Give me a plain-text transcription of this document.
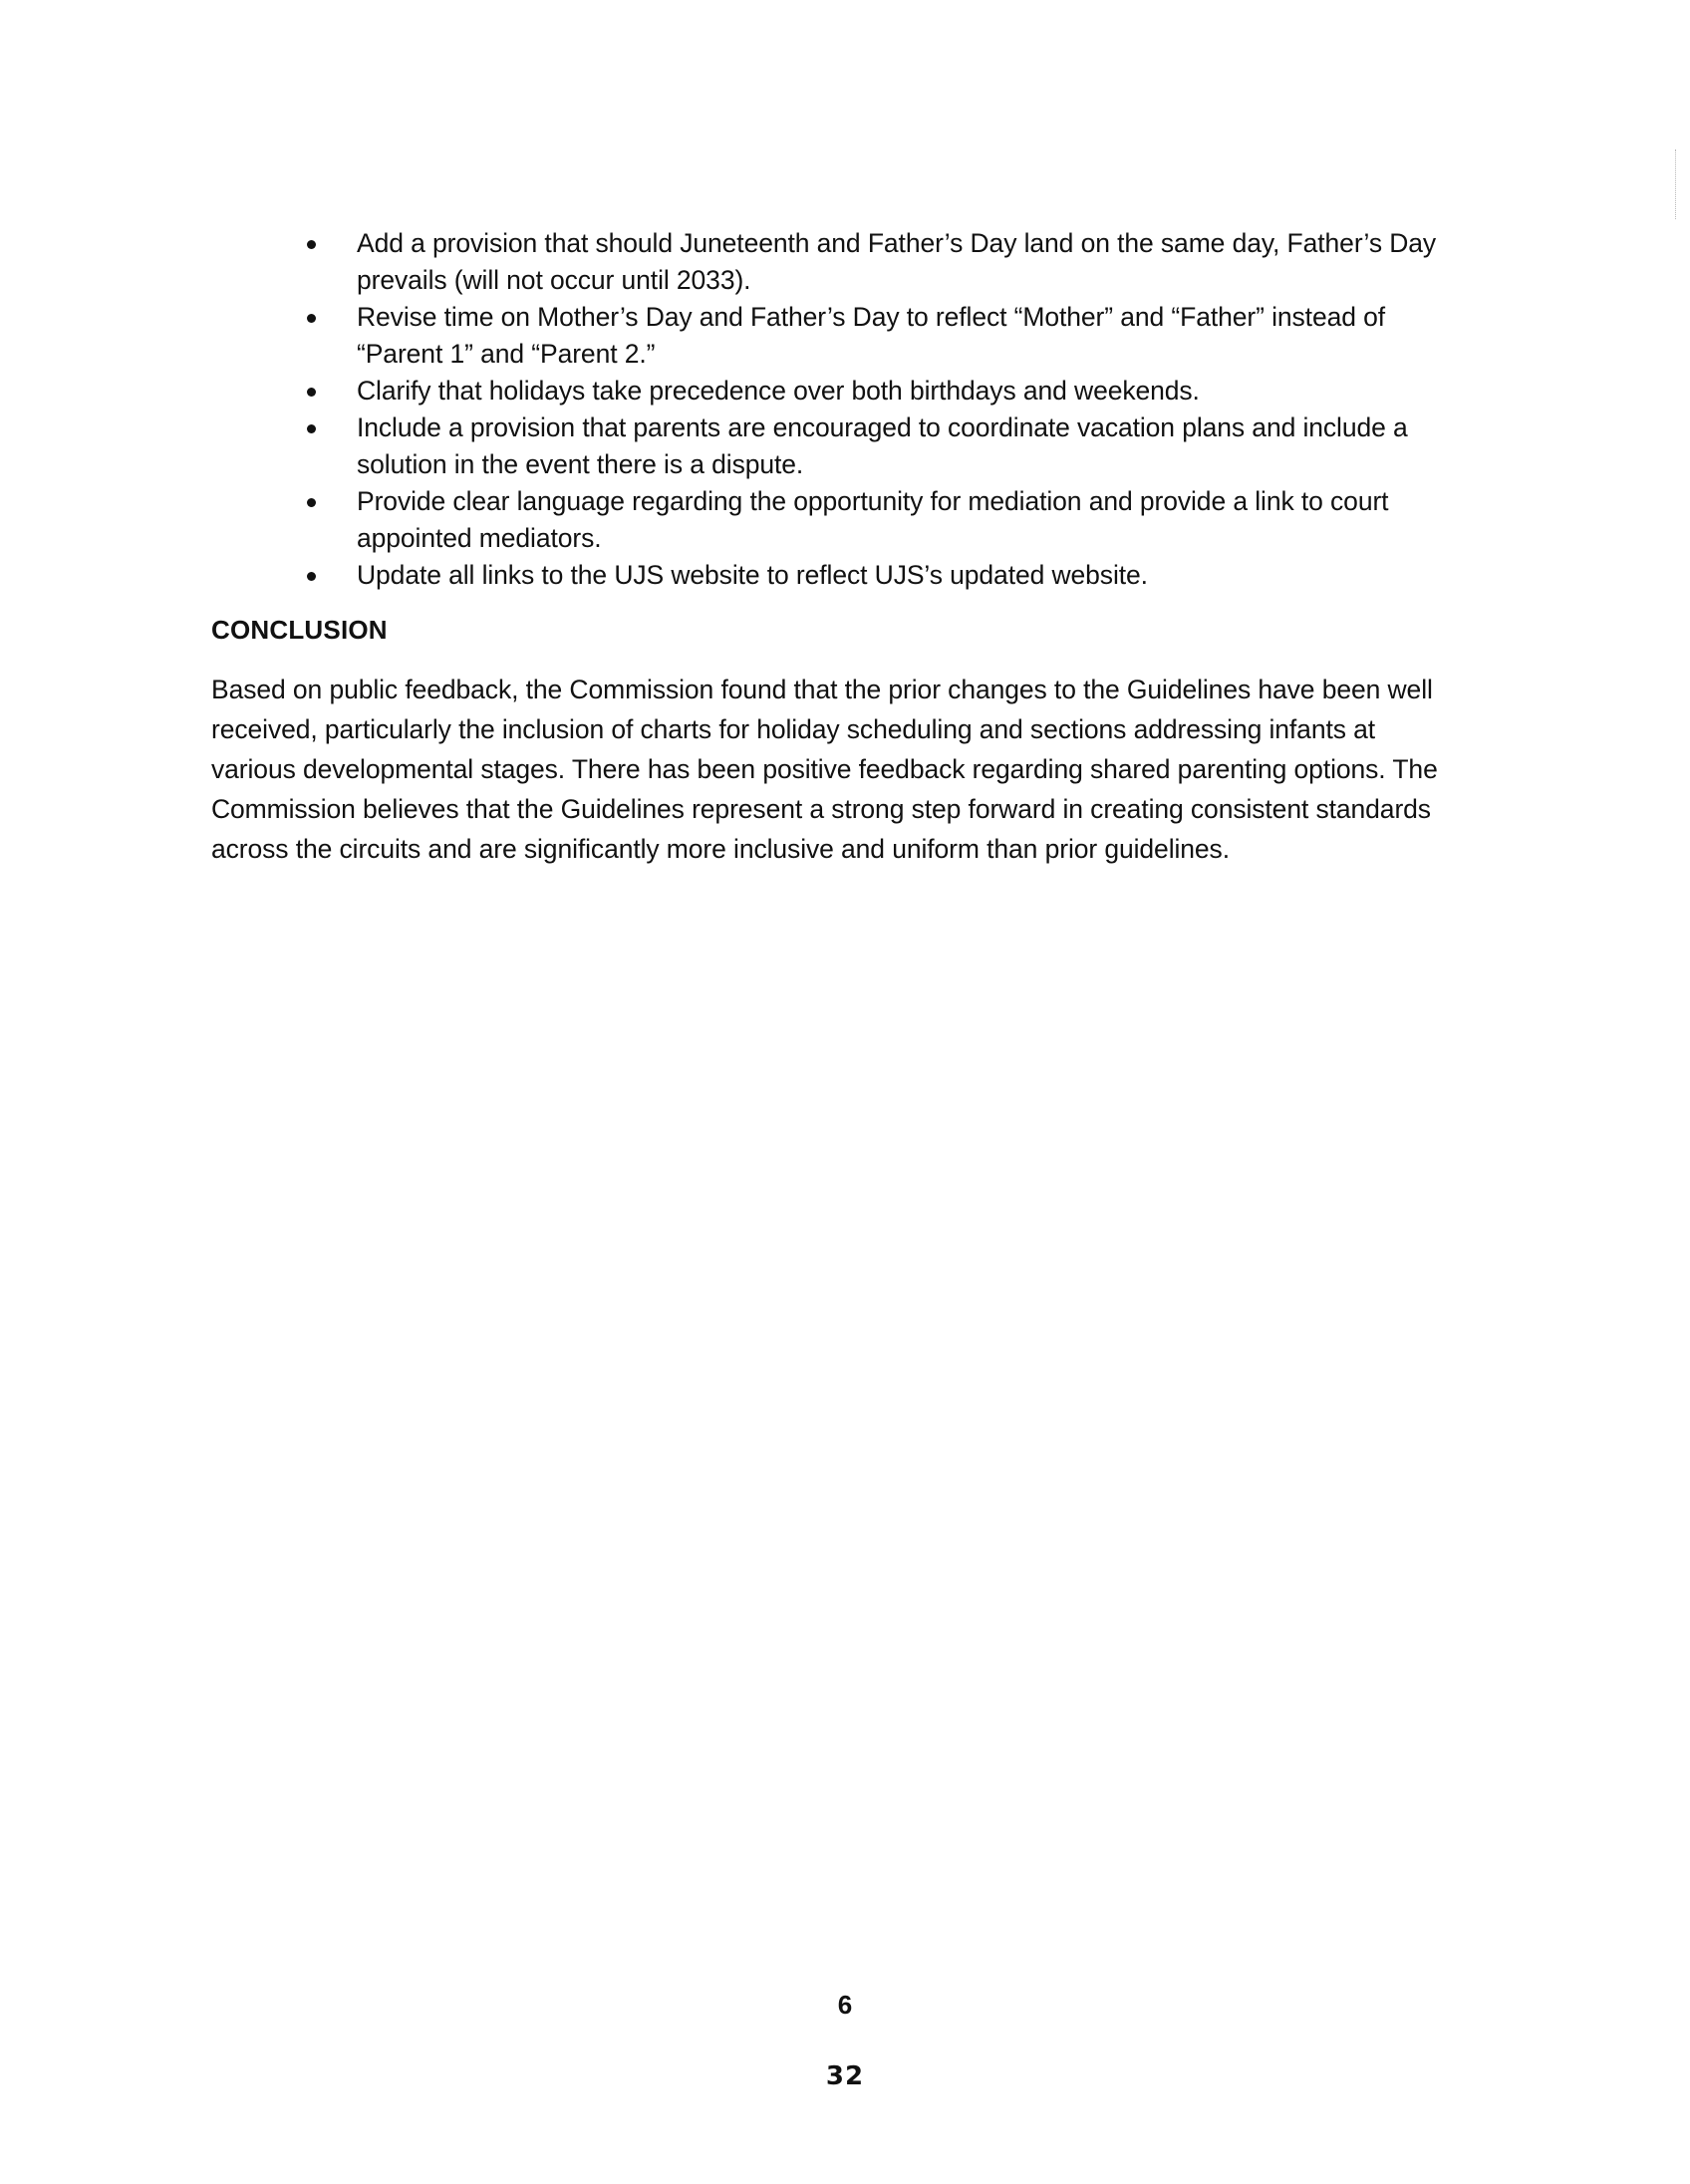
Add a provision that should Juneteenth and Father’s Day land on the same day, Father’s Day prevails (will not occur until 2033).
Revise time on Mother’s Day and Father’s Day to reflect “Mother” and “Father” instead of “Parent 1” and “Parent 2.”
Clarify that holidays take precedence over both birthdays and weekends.
Include a provision that parents are encouraged to coordinate vacation plans and include a solution in the event there is a dispute.
Provide clear language regarding the opportunity for mediation and provide a link to court appointed mediators.
Update all links to the UJS website to reflect UJS’s updated website.
CONCLUSION

Based on public feedback, the Commission found that the prior changes to the Guidelines have been well received, particularly the inclusion of charts for holiday scheduling and sections addressing infants at various developmental stages. There has been positive feedback regarding shared parenting options. The Commission believes that the Guidelines represent a strong step forward in creating consistent standards across the circuits and are significantly more inclusive and uniform than prior guidelines.

6
32
